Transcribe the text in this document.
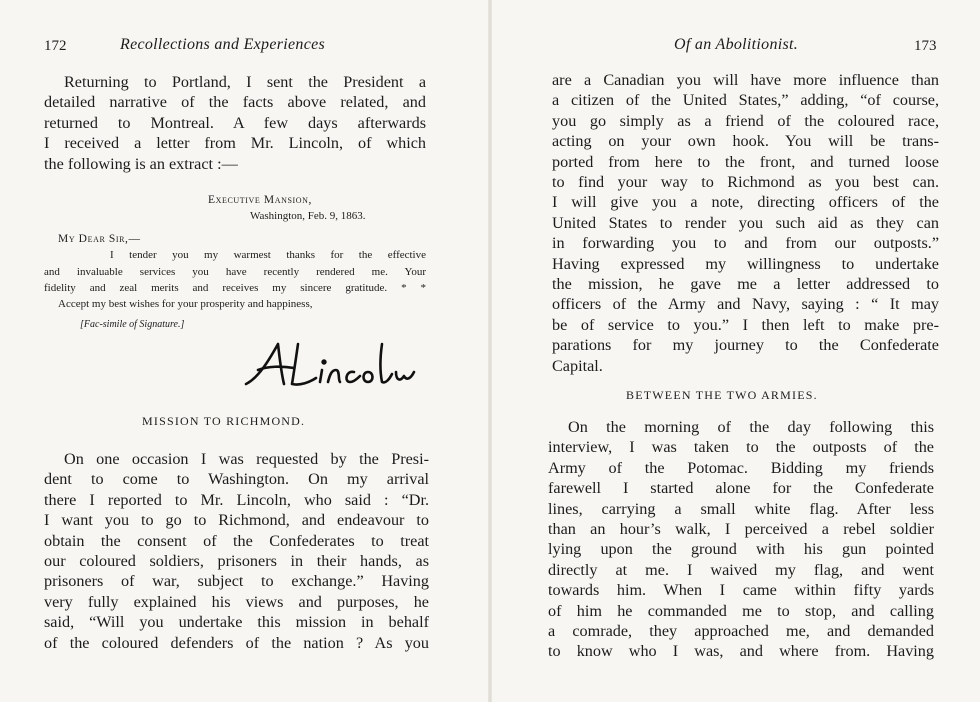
172	Recollections and Experiences
Returning to Portland, I sent the President a
detailed narrative of the facts above related, and
returned to Montreal. A few days afterwards
I received a letter from Mr. Lincoln, of which
the following is an extract :—
Executive Mansion,
Washington, Feb. 9, 1863.
My Dear Sir,—
I tender you my warmest thanks for the effective
and invaluable services you have recently rendered me. Your
fidelity and zeal merits and receives my sincere gratitude. * *
Accept my best wishes for your prosperity and happiness,
[Fac-simile of Signature.]
MISSION TO RICHMOND.
On one occasion I was requested by the Presi-
dent to come to Washington. On my arrival
there I reported to Mr. Lincoln, who said : “Dr.
I want you to go to Richmond, and endeavour to
obtain the consent of the Confederates to treat
our coloured soldiers, prisoners in their hands, as
prisoners of war, subject to exchange.” Having
very fully explained his views and purposes, he
said, “Will you undertake this mission in behalf
of the coloured defenders of the nation ? As you
Of an Abolitionist.	173
are a Canadian you will have more influence than
a citizen of the United States,” adding, “of course,
you go simply as a friend of the coloured race,
acting on your own hook. You will be trans-
ported from here to the front, and turned loose
to find your way to Richmond as you best can.
I will give you a note, directing officers of the
United States to render you such aid as they can
in forwarding you to and from our outposts.”
Having expressed my willingness to undertake
the mission, he gave me a letter addressed to
officers of the Army and Navy, saying : “ It may
be of service to you.” I then left to make pre-
parations for my journey to the Confederate
Capital.
BETWEEN THE TWO ARMIES.
On the morning of the day following this
interview, I was taken to the outposts of the
Army of the Potomac. Bidding my friends
farewell I started alone for the Confederate
lines, carrying a small white flag. After less
than an hour’s walk, I perceived a rebel soldier
lying upon the ground with his gun pointed
directly at me. I waived my flag, and went
towards him. When I came within fifty yards
of him he commanded me to stop, and calling
a comrade, they approached me, and demanded
to know who I was, and where from. Having
